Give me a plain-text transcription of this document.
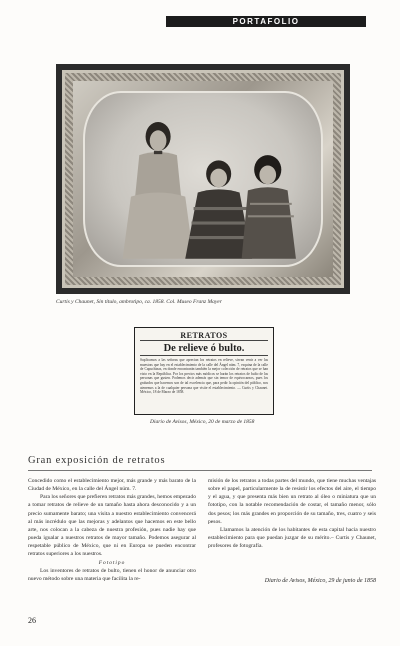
PORTAFOLIO
Curtis y Chaunet, Sin título, ambrotipo, ca. 1858. Col. Museo Franz Mayer

RETRATOS

De relieve ó bulto.

Suplicamos a las señoras que aprecian los retratos en relieve, sirvan venir a ver las muestras que hay en el establecimiento de la calle del Ángel núm. 7, esquina de la calle de Capuchinas, en donde encontrarán también la mejor colección de retratos que se han visto en la República. Por los precios más módicos se harán los retratos de bulto de las personas que gusten. Podemos decir además que sin temor de equivocarnos, pues los grabados que hacemos son de tal excelencia que, para pedir la opinión del público, nos atenemos a la de cualquier persona que visite el establecimiento. — Curtis y Chaunet. México, 18 de Marzo de 1858.

Diario de Avisos, México, 20 de marzo de 1858
Gran exposición de retratos

Concedido como el establecimiento mejor, más grande y más barato de la Ciudad de México, en la calle del Ángel núm. 7.

Para los señores que prefieren retratos más grandes, hemos empezado a tomar retratos de relieve de un tamaño hasta ahora desconocido y a un precio sumamente barato; una visita a nuestro establecimiento convencerá al más incrédulo que las mejoras y adelantos que hacemos en este bello arte, nos colocan a la cabeza de nuestra profesión, pues nadie hay que pueda igualar a nuestros retratos de mayor tamaño. Podemos asegurar al respetable público de México, que ni en Europa se pueden encontrar retratos superiores a los nuestros.

Fototipo

Los inventores de retratos de bulto, tienen el honor de anunciar otro nuevo método sobre una materia que facilita la re-

misión de los retratos a todas partes del mundo, que tiene muchas ventajas sobre el papel, particularmente la de resistir los efectos del aire, el tiempo y el agua, y que presenta más bien un retrato al óleo o miniatura que un fototipo, con la notable recomendación de costar, el tamaño menor, sólo dos pesos; los más grandes en proporción de su tamaño, tres, cuatro y seis pesos.

Llamamos la atención de los habitantes de esta capital hacia nuestro establecimiento para que puedan juzgar de su mérito.– Curtis y Chaunet, profesores de fotografía.

Diario de Avisos, México, 29 de junio de 1858
26
